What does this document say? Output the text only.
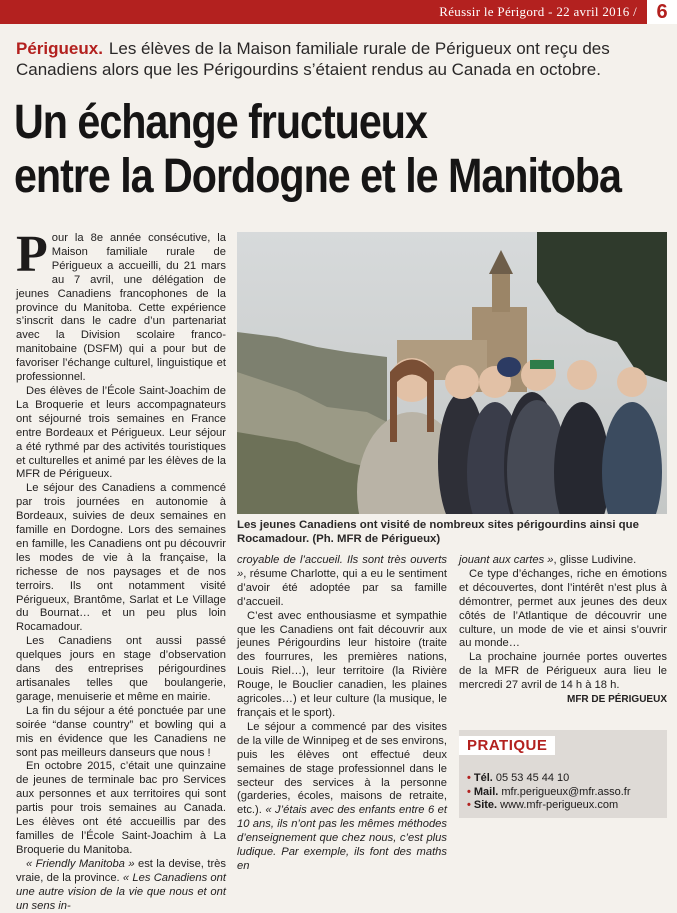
Réussir le Périgord - 22 avril 2016 / 6
Périgueux. Les élèves de la Maison familiale rurale de Périgueux ont reçu des Canadiens alors que les Périgourdins s’étaient rendus au Canada en octobre.
Un échange fructueux
entre la Dordogne et le Manitoba

Pour la 8e année consécutive, la Maison familiale rurale de Périgueux a accueilli, du 21 mars au 7 avril, une délégation de jeunes Canadiens francophones de la province du Manitoba. Cette expérience s’inscrit dans le cadre d’un partenariat avec la Division scolaire franco-manitobaine (DSFM) qui a pour but de favoriser l’échange culturel, linguistique et professionnel.

Des élèves de l’École Saint-Joachim de La Broquerie et leurs accompagnateurs ont séjourné trois semaines en France entre Bordeaux et Périgueux. Leur séjour a été rythmé par des activités touristiques et culturelles et animé par les élèves de la MFR de Périgueux.

Le séjour des Canadiens a commencé par trois journées en autonomie à Bordeaux, suivies de deux semaines en famille en Dordogne. Lors des semaines en famille, les Canadiens ont pu découvrir les modes de vie à la française, la richesse de nos paysages et de nos terroirs. Ils ont notamment visité Périgueux, Brantôme, Sarlat et Le Village du Bournat… et un peu plus loin Rocamadour.

Les Canadiens ont aussi passé quelques jours en stage d’observation dans des entreprises périgourdines artisanales telles que boulangerie, garage, menuiserie et même en mairie.

La fin du séjour a été ponctuée par une soirée “danse country” et bowling qui a mis en évidence que les Canadiens ne sont pas meilleurs danseurs que nous !

En octobre 2015, c’était une quinzaine de jeunes de terminale bac pro Services aux personnes et aux territoires qui sont partis pour trois semaines au Canada. Les élèves ont été accueillis par des familles de l’École Saint-Joachim à La Broquerie du Manitoba.

« Friendly Manitoba » est la devise, très vraie, de la province. « Les Canadiens ont une autre vision de la vie que nous et ont un sens in-

Les jeunes Canadiens ont visité de nombreux sites périgourdins ainsi que Rocamadour. (Ph. MFR de Périgueux)

croyable de l’accueil. Ils sont très ouverts », résume Charlotte, qui a eu le sentiment d’avoir été adoptée par sa famille d’accueil.

C’est avec enthousiasme et sympathie que les Canadiens ont fait découvrir aux jeunes Périgourdins leur histoire (traite des fourrures, les premières nations, Louis Riel…), leur territoire (la Rivière Rouge, le Bouclier canadien, les plaines agricoles…) et leur culture (la musique, le français et le sport).

Le séjour a commencé par des visites de la ville de Winnipeg et de ses environs, puis les élèves ont effectué deux semaines de stage professionnel dans le secteur des services à la personne (garderies, écoles, maisons de retraite, etc.). « J’étais avec des enfants entre 6 et 10 ans, ils n’ont pas les mêmes méthodes d’enseignement que chez nous, c’est plus ludique. Par exemple, ils font des maths en

jouant aux cartes », glisse Ludivine.

Ce type d’échanges, riche en émotions et découvertes, dont l’intérêt n’est plus à démontrer, permet aux jeunes des deux côtés de l’Atlantique de découvrir une culture, un mode de vie et ainsi s’ouvrir au monde…

La prochaine journée portes ouvertes de la MFR de Périgueux aura lieu le mercredi 27 avril de 14 h à 18 h.

MFR DE PÉRIGUEUX

PRATIQUE
• Tél. 05 53 45 44 10
• Mail. mfr.perigueux@mfr.asso.fr
• Site. www.mfr-perigueux.com
